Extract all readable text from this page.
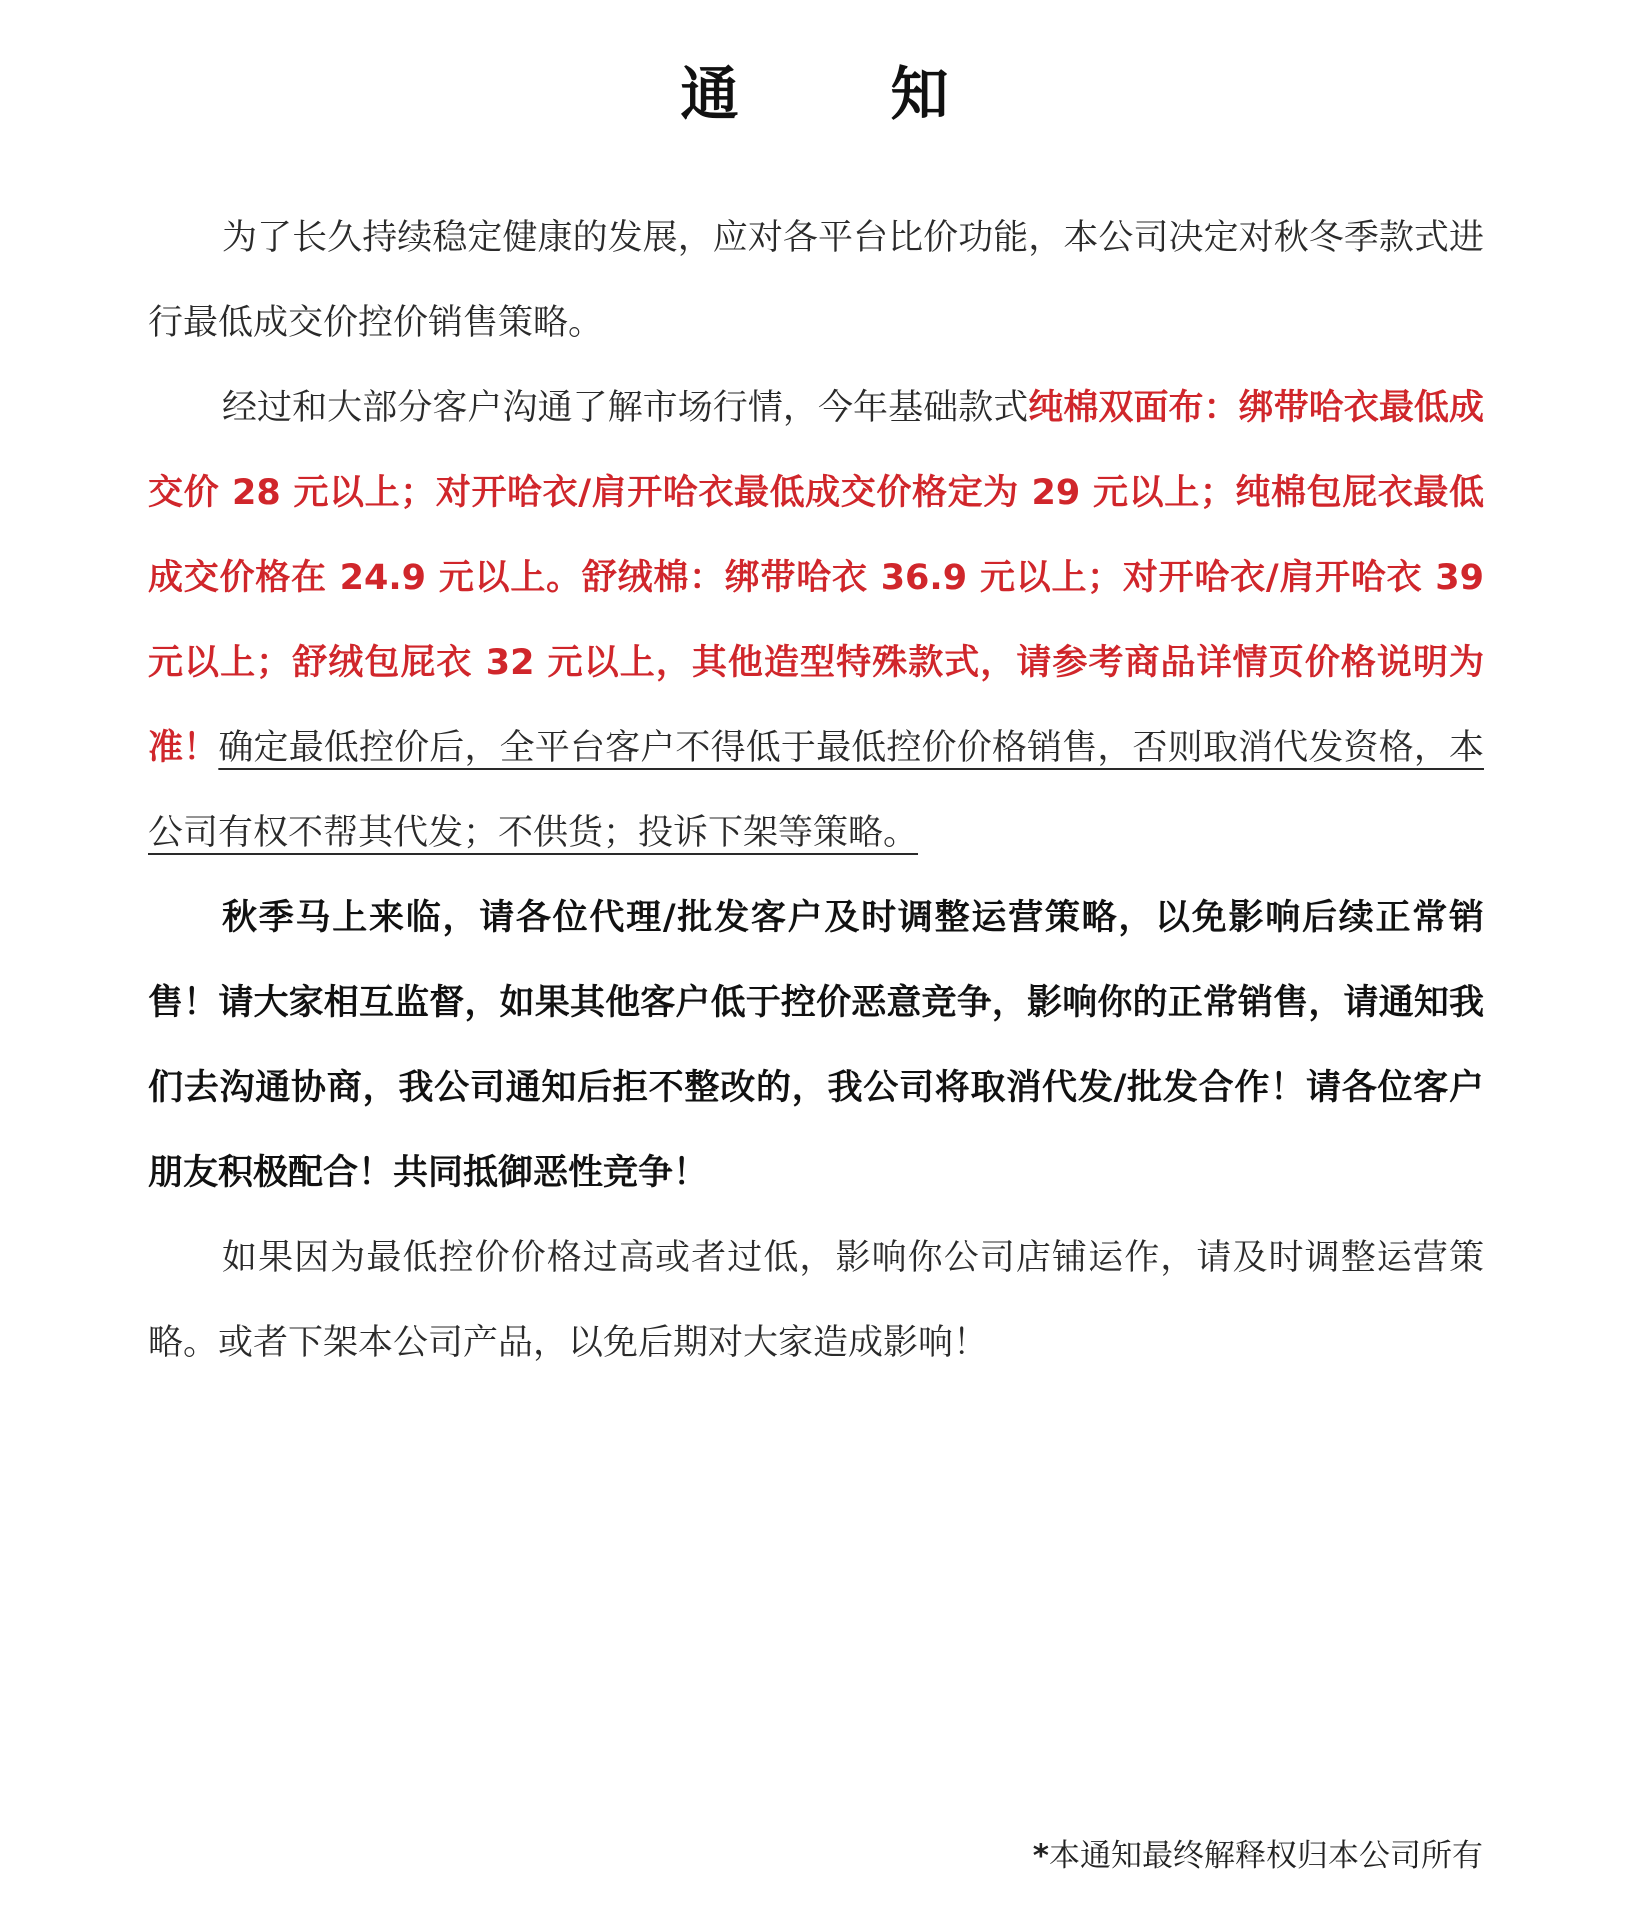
通	知

为了长久持续稳定健康的发展，应对各平台比价功能，本公司决定对秋冬季款式进行最低成交价控价销售策略。

经过和大部分客户沟通了解市场行情，今年基础款式纯棉双面布：绑带哈衣最低成交价 28 元以上；对开哈衣/肩开哈衣最低成交价格定为 29 元以上；纯棉包屁衣最低成交价格在 24.9 元以上。舒绒棉：绑带哈衣 36.9 元以上；对开哈衣/肩开哈衣 39 元以上；舒绒包屁衣 32 元以上，其他造型特殊款式，请参考商品详情页价格说明为准！确定最低控价后，全平台客户不得低于最低控价价格销售，否则取消代发资格，本公司有权不帮其代发；不供货；投诉下架等策略。

秋季马上来临，请各位代理/批发客户及时调整运营策略，以免影响后续正常销售！请大家相互监督，如果其他客户低于控价恶意竞争，影响你的正常销售，请通知我们去沟通协商，我公司通知后拒不整改的，我公司将取消代发/批发合作！请各位客户朋友积极配合！共同抵御恶性竞争！

如果因为最低控价价格过高或者过低，影响你公司店铺运作，请及时调整运营策略。或者下架本公司产品，以免后期对大家造成影响！

*本通知最终解释权归本公司所有
